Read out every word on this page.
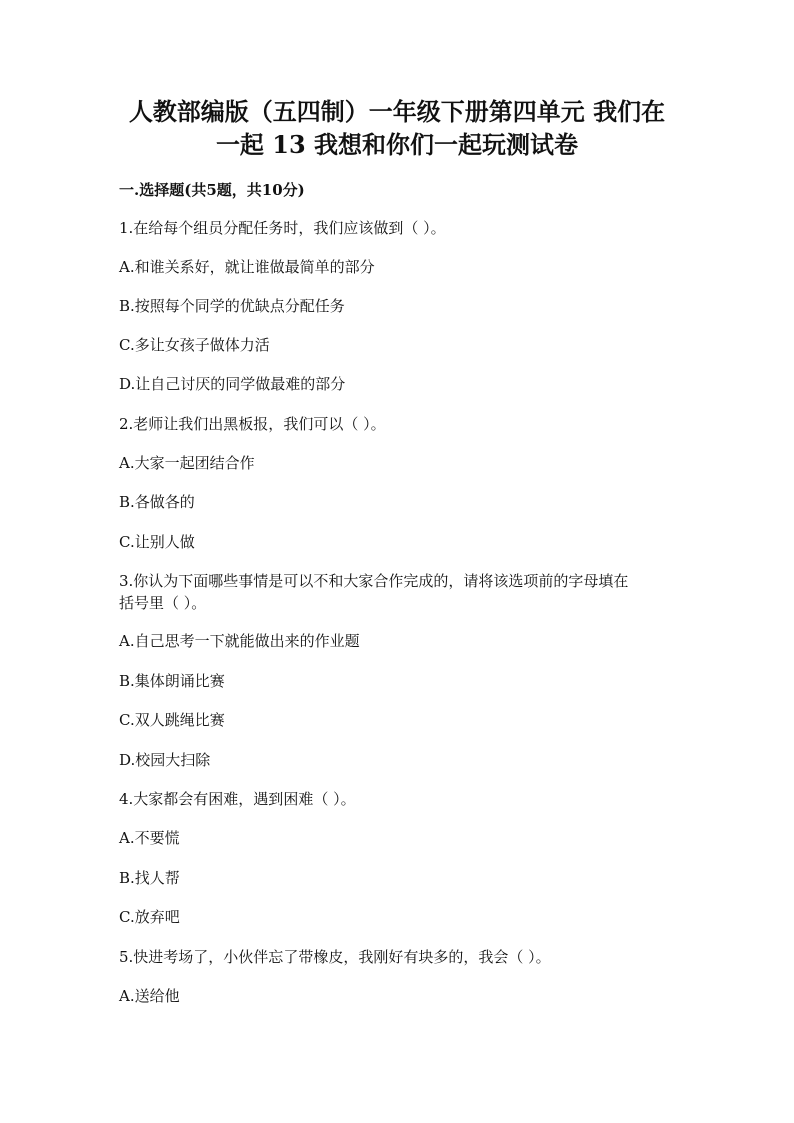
人教部编版（五四制）一年级下册第四单元 我们在
一起 13 我想和你们一起玩测试卷
一.选择题(共5题，共10分)
1.在给每个组员分配任务时，我们应该做到（ ）。
A.和谁关系好，就让谁做最简单的部分
B.按照每个同学的优缺点分配任务
C.多让女孩子做体力活
D.让自己讨厌的同学做最难的部分
2.老师让我们出黑板报，我们可以（ ）。
A.大家一起团结合作
B.各做各的
C.让别人做
3.你认为下面哪些事情是可以不和大家合作完成的，请将该选项前的字母填在
括号里（ ）。
A.自己思考一下就能做出来的作业题
B.集体朗诵比赛
C.双人跳绳比赛
D.校园大扫除
4.大家都会有困难，遇到困难（ ）。
A.不要慌
B.找人帮
C.放弃吧
5.快进考场了，小伙伴忘了带橡皮，我刚好有块多的，我会（ ）。
A.送给他
